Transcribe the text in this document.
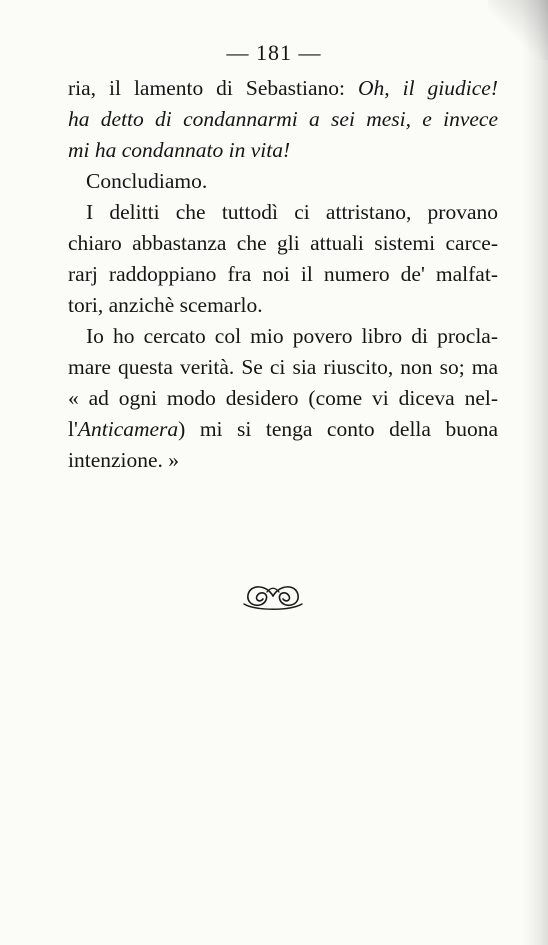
— 181 —
ria, il lamento di Sebastiano: Oh, il giudice!
ha detto di condannarmi a sei mesi, e invece
mi ha condannato in vita!
Concludiamo.
I delitti che tuttodì ci attristano, provano
chiaro abbastanza che gli attuali sistemi carce-
rarj raddoppiano fra noi il numero de' malfat-
tori, anzichè scemarlo.
Io ho cercato col mio povero libro di procla-
mare questa verità. Se ci sia riuscito, non so; ma
« ad ogni modo desidero (come vi diceva nel-
l'Anticamera) mi si tenga conto della buona
intenzione. »
